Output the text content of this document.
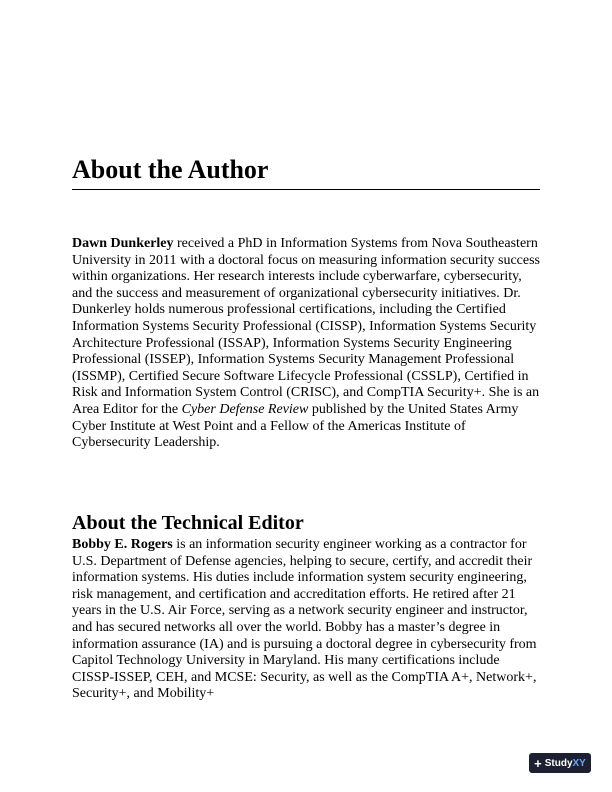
About the Author

Dawn Dunkerley received a PhD in Information Systems from Nova Southeastern University in 2011 with a doctoral focus on measuring information security success within organizations. Her research interests include cyberwarfare, cybersecurity, and the success and measurement of organizational cybersecurity initiatives. Dr. Dunkerley holds numerous professional certifications, including the Certified Information Systems Security Professional (CISSP), Information Systems Security Architecture Professional (ISSAP), Information Systems Security Engineering Professional (ISSEP), Information Systems Security Management Professional (ISSMP), Certified Secure Software Lifecycle Professional (CSSLP), Certified in Risk and Information System Control (CRISC), and CompTIA Security+. She is an Area Editor for the Cyber Defense Review published by the United States Army Cyber Institute at West Point and a Fellow of the Americas Institute of Cybersecurity Leadership.

About the Technical Editor

Bobby E. Rogers is an information security engineer working as a contractor for U.S. Department of Defense agencies, helping to secure, certify, and accredit their information systems. His duties include information system security engineering, risk management, and certification and accreditation efforts. He retired after 21 years in the U.S. Air Force, serving as a network security engineer and instructor, and has secured networks all over the world. Bobby has a master’s degree in information assurance (IA) and is pursuing a doctoral degree in cybersecurity from Capitol Technology University in Maryland. His many certifications include CISSP-ISSEP, CEH, and MCSE: Security, as well as the CompTIA A+, Network+, Security+, and Mobility+

+ Study XY
